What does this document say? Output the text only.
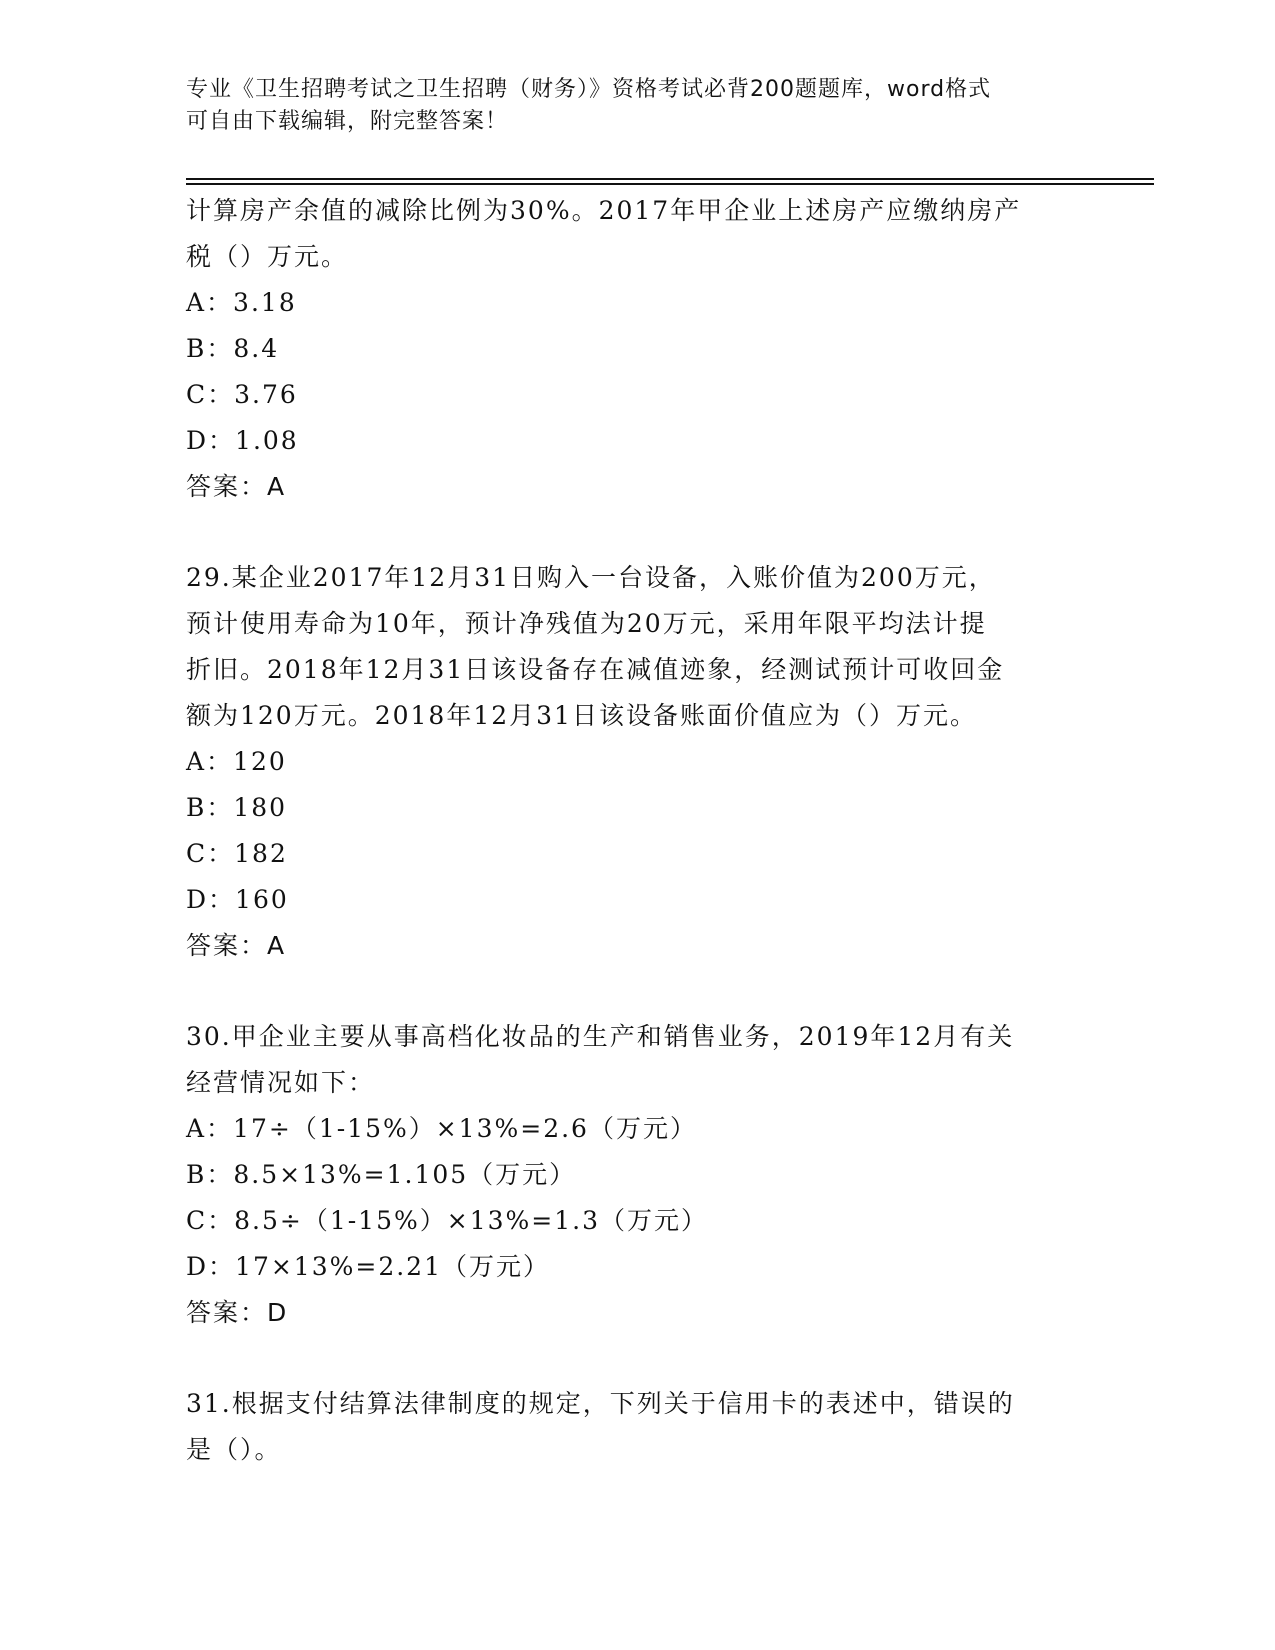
专业《卫生招聘考试之卫生招聘（财务）》资格考试必背200题题库，word格式
可自由下载编辑，附完整答案！
计算房产余值的减除比例为30%。2017年甲企业上述房产应缴纳房产
税（）万元。
A：3.18
B：8.4
C：3.76
D：1.08
答案：A
29.某企业2017年12月31日购入一台设备，入账价值为200万元，
预计使用寿命为10年，预计净残值为20万元，采用年限平均法计提
折旧。2018年12月31日该设备存在减值迹象，经测试预计可收回金
额为120万元。2018年12月31日该设备账面价值应为（）万元。
A：120
B：180
C：182
D：160
答案：A
30.甲企业主要从事高档化妆品的生产和销售业务，2019年12月有关
经营情况如下：
A：17÷（1-15%）×13%=2.6（万元）
B：8.5×13%=1.105（万元）
C：8.5÷（1-15%）×13%=1.3（万元）
D：17×13%=2.21（万元）
答案：D
31.根据支付结算法律制度的规定，下列关于信用卡的表述中，错误的
是（）。
